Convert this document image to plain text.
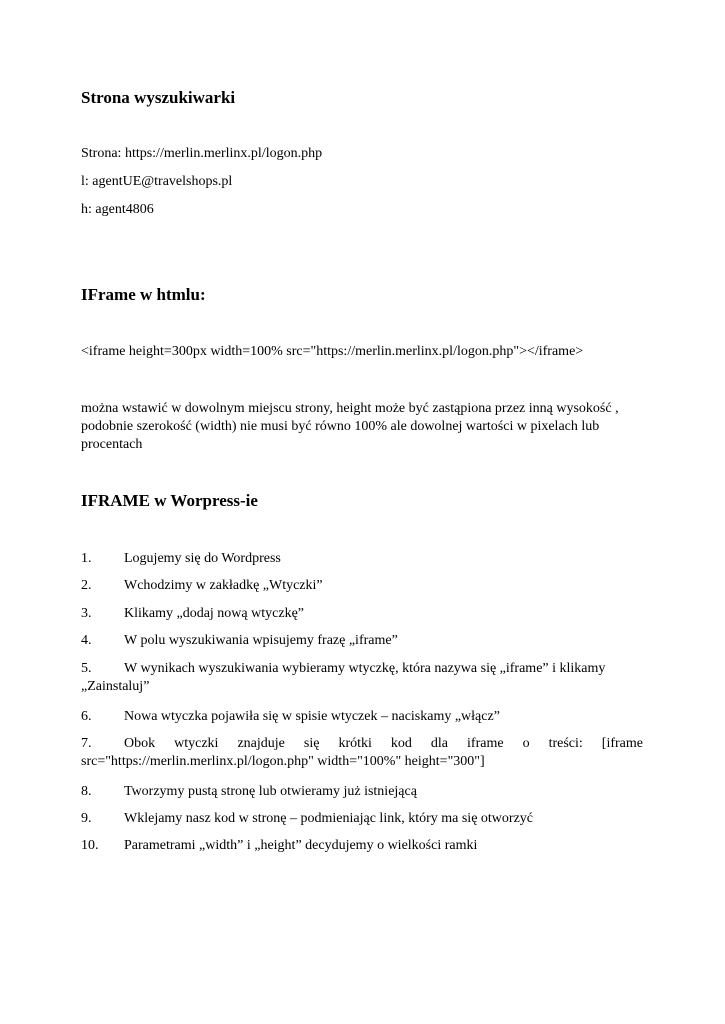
Strona wyszukiwarki
Strona: https://merlin.merlinx.pl/logon.php
l: agentUE@travelshops.pl
h: agent4806
IFrame w htmlu:
<iframe height=300px width=100% src="https://merlin.merlinx.pl/logon.php"></iframe>

można wstawić w dowolnym miejscu strony, height może być zastąpiona przez inną wysokość , podobnie szerokość (width) nie musi być równo 100% ale dowolnej wartości w pixelach lub procentach

IFRAME w Worpress-ie
1. Logujemy się do Wordpress
2. Wchodzimy w zakładkę „Wtyczki”
3. Klikamy „dodaj nową wtyczkę”
4. W polu wyszukiwania wpisujemy frazę „iframe”

5. W wynikach wyszukiwania wybieramy wtyczkę, która nazywa się „iframe” i klikamy „Zainstaluj”

6. Nowa wtyczka pojawiła się w spisie wtyczek – naciskamy „włącz”

7. Obok wtyczki znajduje się krótki kod dla iframe o treści: [iframe src="https://merlin.merlinx.pl/logon.php" width="100%" height="300"]

8. Tworzymy pustą stronę lub otwieramy już istniejącą
9. Wklejamy nasz kod w stronę – podmieniając link, który ma się otworzyć
10. Parametrami „width” i „height” decydujemy o wielkości ramki
